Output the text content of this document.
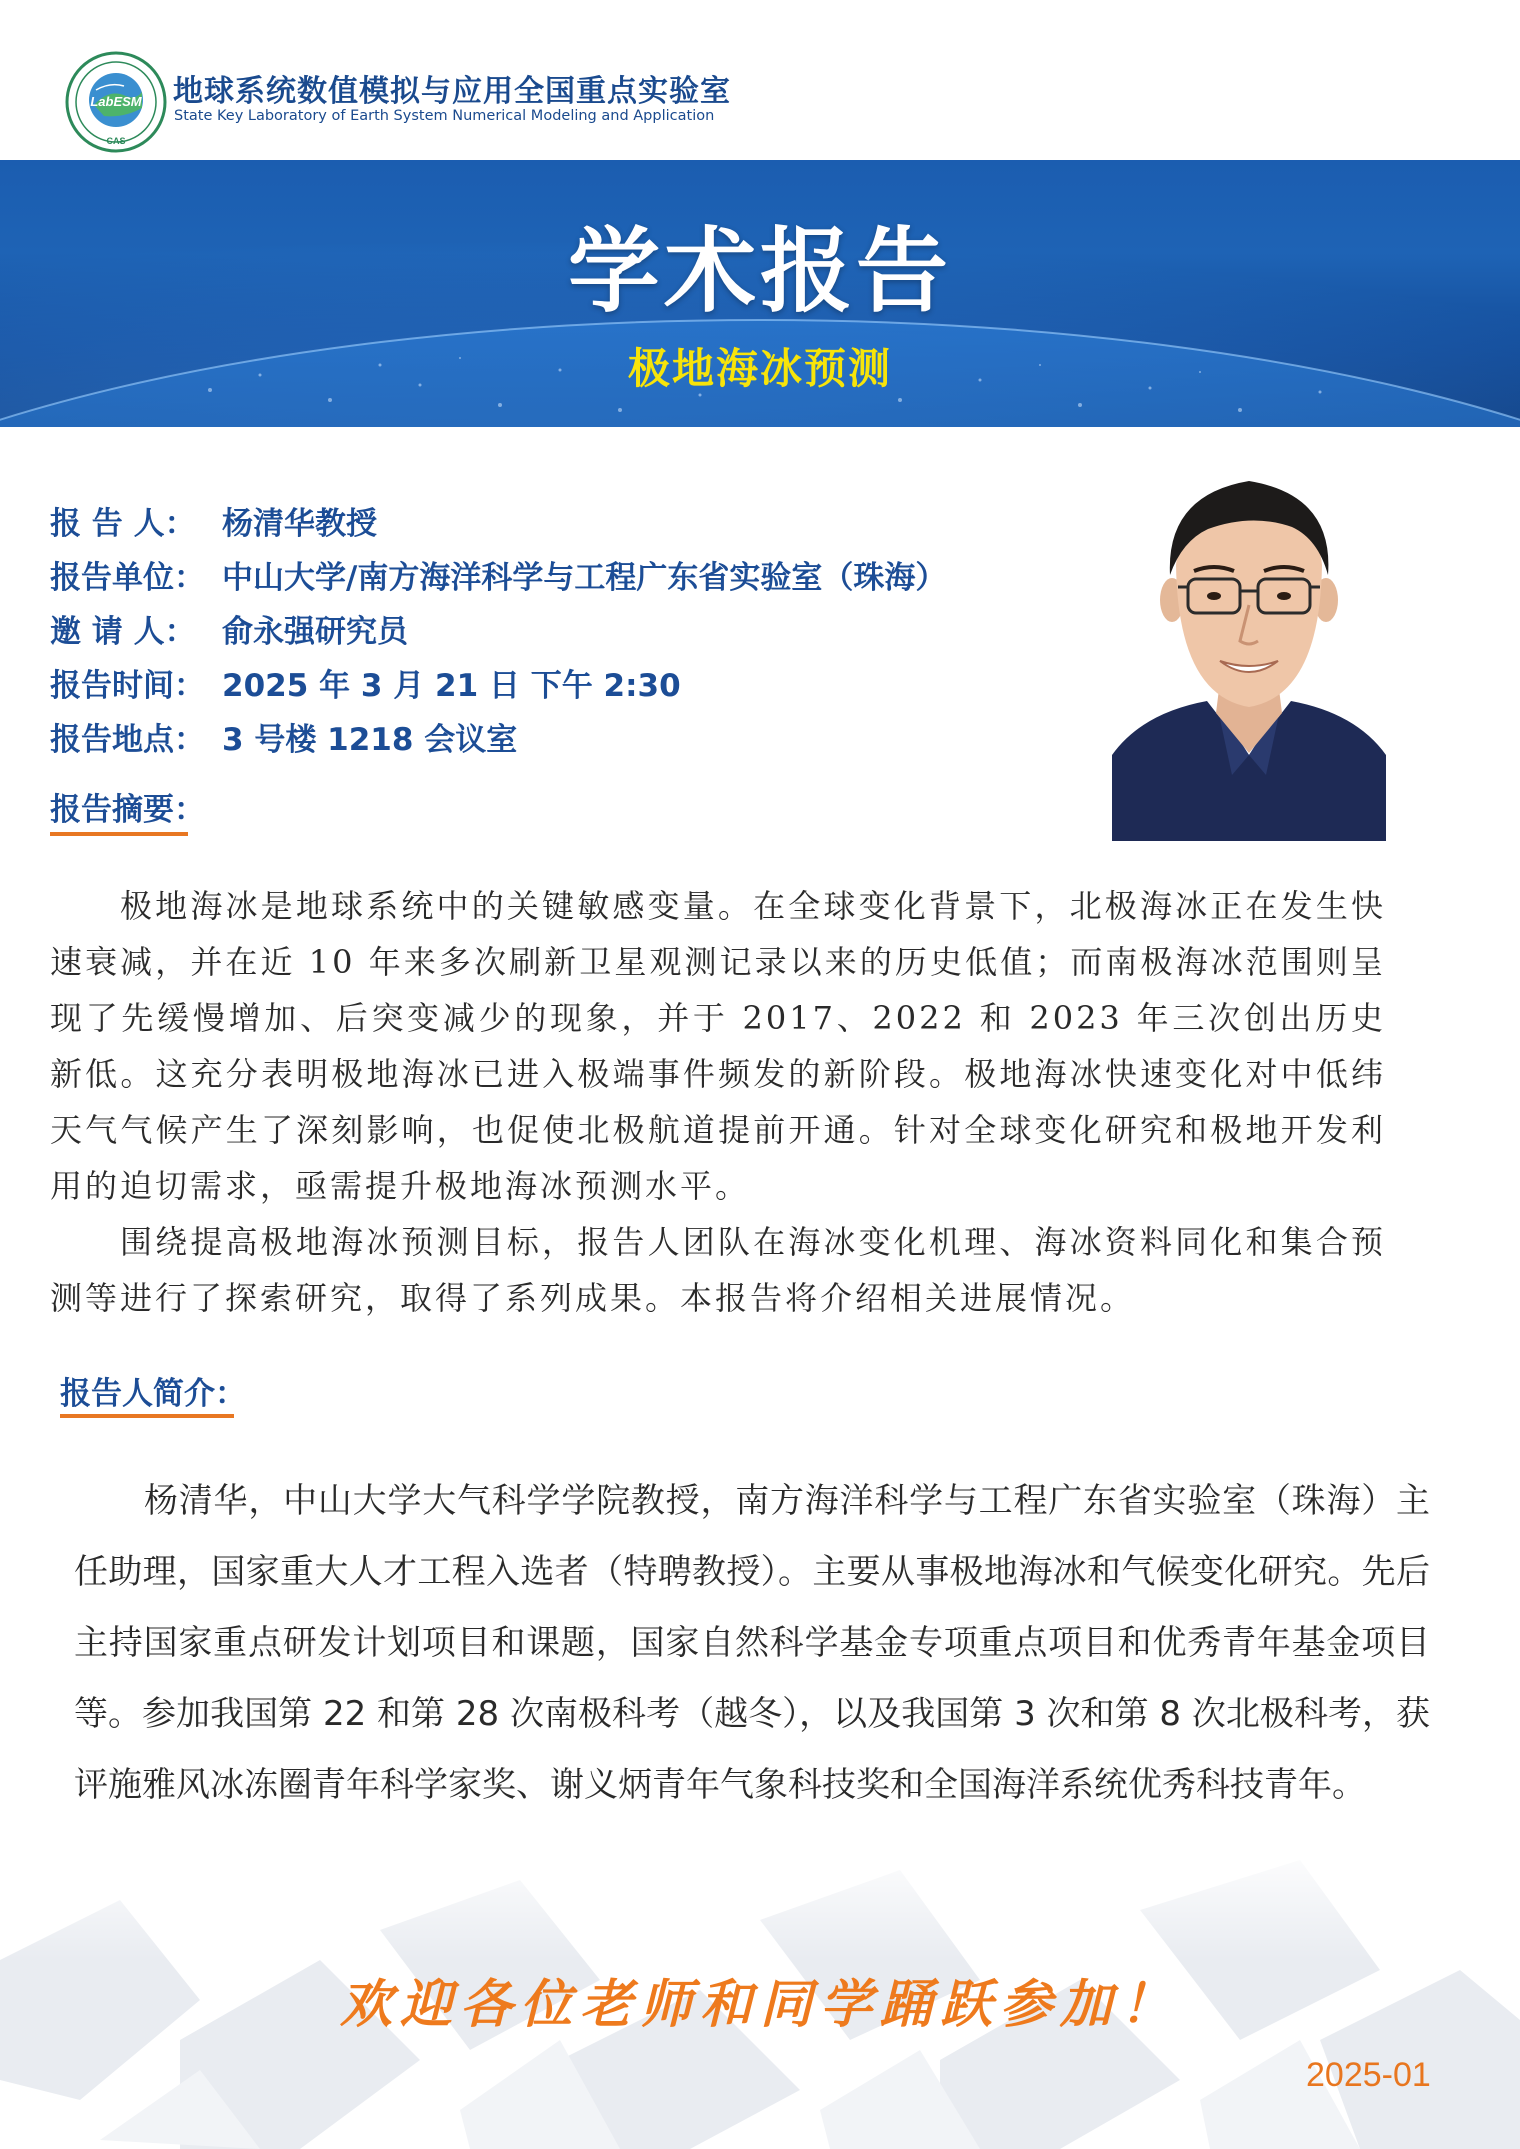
LabESM
CAS
地球系统数值模拟与应用全国重点实验室
State Key Laboratory of Earth System Numerical Modeling and Application
学术报告
极地海冰预测
报 告 人： 杨清华教授
报告单位： 中山大学/南方海洋科学与工程广东省实验室（珠海）
邀 请 人： 俞永强研究员
报告时间： 2025 年 3 月 21 日 下午 2:30
报告地点： 3 号楼 1218 会议室
报告摘要：

极地海冰是地球系统中的关键敏感变量。在全球变化背景下，北极海冰正在发生快速衰减，并在近 10 年来多次刷新卫星观测记录以来的历史低值；而南极海冰范围则呈现了先缓慢增加、后突变减少的现象，并于 2017、2022 和 2023 年三次创出历史新低。这充分表明极地海冰已进入极端事件频发的新阶段。极地海冰快速变化对中低纬天气气候产生了深刻影响，也促使北极航道提前开通。针对全球变化研究和极地开发利用的迫切需求，亟需提升极地海冰预测水平。

围绕提高极地海冰预测目标，报告人团队在海冰变化机理、海冰资料同化和集合预测等进行了探索研究，取得了系列成果。本报告将介绍相关进展情况。

报告人简介：

杨清华，中山大学大气科学学院教授，南方海洋科学与工程广东省实验室（珠海）主任助理，国家重大人才工程入选者（特聘教授）。主要从事极地海冰和气候变化研究。先后主持国家重点研发计划项目和课题，国家自然科学基金专项重点项目和优秀青年基金项目等。参加我国第 22 和第 28 次南极科考（越冬），以及我国第 3 次和第 8 次北极科考，获评施雅风冰冻圈青年科学家奖、谢义炳青年气象科技奖和全国海洋系统优秀科技青年。

欢迎各位老师和同学踊跃参加！
2025-01
